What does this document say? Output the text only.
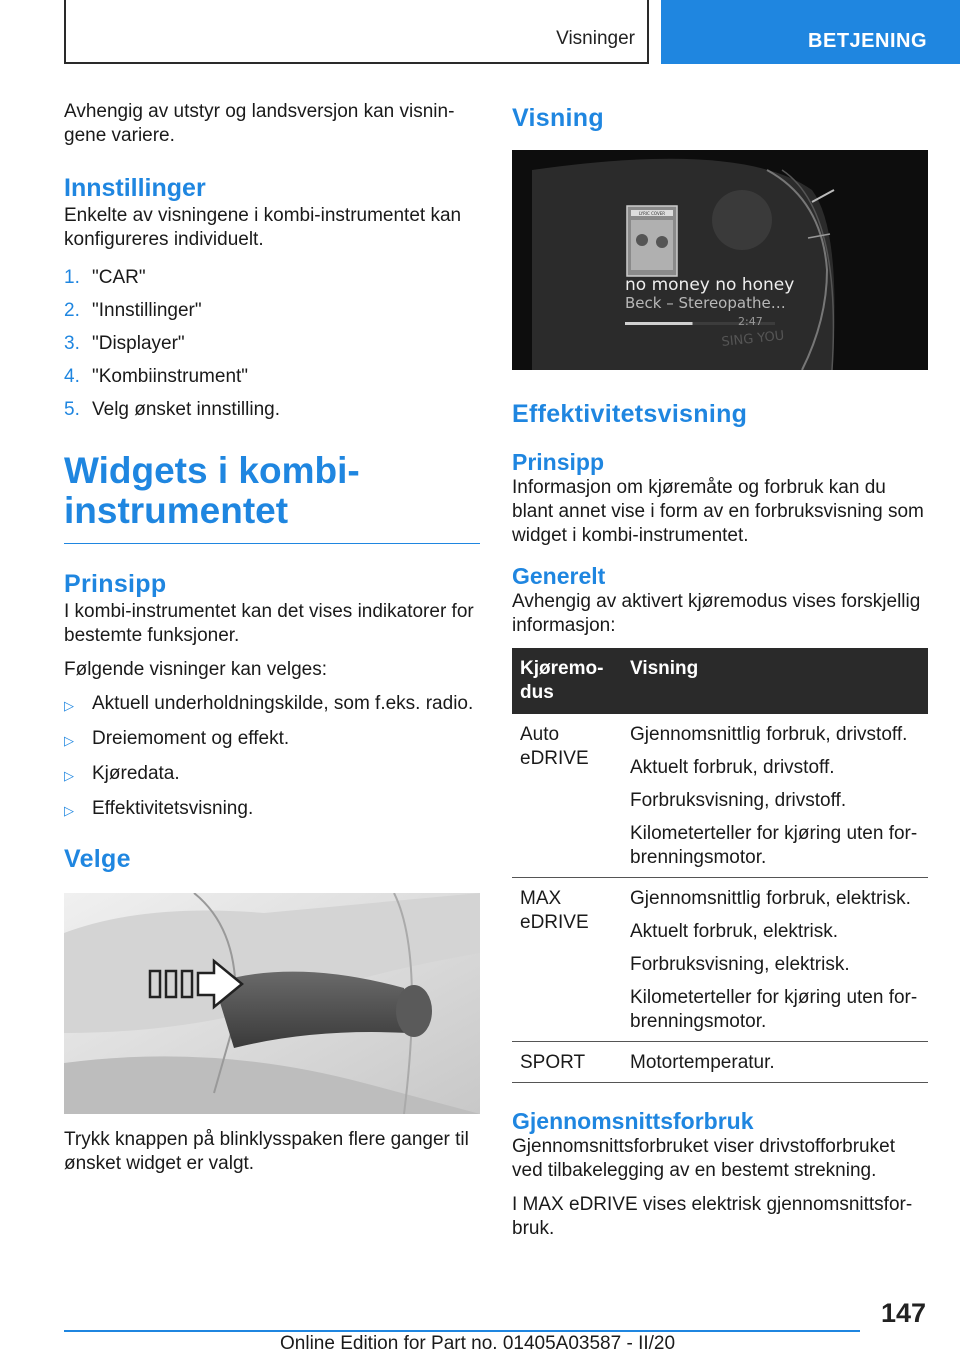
Visninger	BETJENING

Avhengig av utstyr og landsversjon kan visnin-gene variere.

Innstillinger

Enkelte av visningene i kombi-instrumentet kan konfigureres individuelt.

1. "CAR"
2. "Innstillinger"
3. "Displayer"
4. "Kombiinstrument"
5. Velg ønsket innstilling.
Widgets i kombi-
instrumentet
Prinsipp

I kombi-instrumentet kan det vises indikatorer for bestemte funksjoner.

Følgende visninger kan velges:

▷ Aktuell underholdningskilde, som f.eks. radio.
▷ Dreiemoment og effekt.
▷ Kjøredata.
▷ Effektivitetsvisning.
Velge

Trykk knappen på blinklysspaken flere ganger til ønsket widget er valgt.

Visning
LYRIC COVER
no money no honey
Beck – Stereopathe…
2:47
SING YOU
Effektivitetsvisning
Prinsipp

Informasjon om kjøremåte og forbruk kan du blant annet vise i form av en forbruksvisning som widget i kombi-instrumentet.

Generelt

Avhengig av aktivert kjøremodus vises forskjellig informasjon:

Kjøremo-dus	Visning
Auto eDRIVE	Gjennomsnittlig forbruk, drivstoff.
Aktuelt forbruk, drivstoff.
Forbruksvisning, drivstoff.
Kilometerteller for kjøring uten for-brenningsmotor.

MAX eDRIVE	Gjennomsnittlig forbruk, elektrisk.
Aktuelt forbruk, elektrisk.
Forbruksvisning, elektrisk.
Kilometerteller for kjøring uten for-brenningsmotor.

SPORT	Motortemperatur.
Gjennomsnittsforbruk

Gjennomsnittsforbruket viser drivstofforbruket ved tilbakelegging av en bestemt strekning.

I MAX eDRIVE vises elektrisk gjennomsnittsfor-bruk.

147
Online Edition for Part no. 01405A03587 - II/20
